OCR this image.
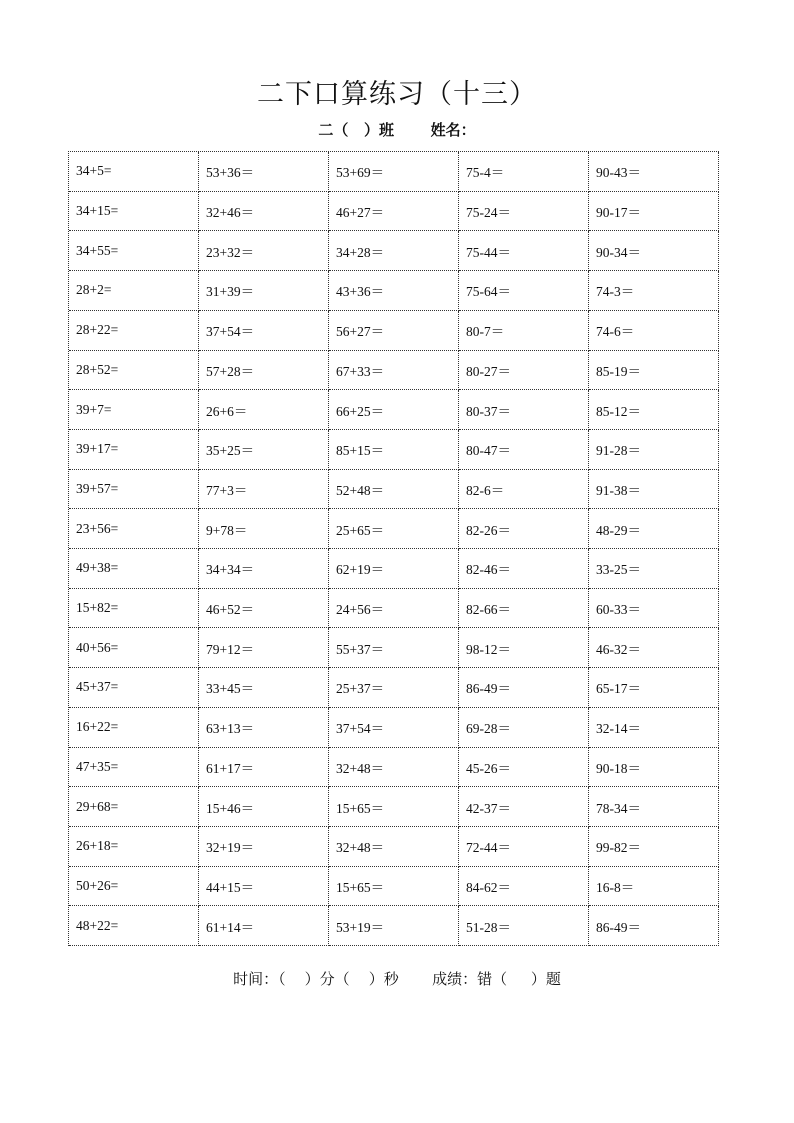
二下口算练习（十三）
二（   ）班       姓名：
34+5=	53+36＝	53+69＝	75-4＝	90-43＝
34+15=	32+46＝	46+27＝	75-24＝	90-17＝
34+55=	23+32＝	34+28＝	75-44＝	90-34＝
28+2=	31+39＝	43+36＝	75-64＝	74-3＝
28+22=	37+54＝	56+27＝	80-7＝	74-6＝
28+52=	57+28＝	67+33＝	80-27＝	85-19＝
39+7=	26+6＝	66+25＝	80-37＝	85-12＝
39+17=	35+25＝	85+15＝	80-47＝	91-28＝
39+57=	77+3＝	52+48＝	82-6＝	91-38＝
23+56=	9+78＝	25+65＝	82-26＝	48-29＝
49+38=	34+34＝	62+19＝	82-46＝	33-25＝
15+82=	46+52＝	24+56＝	82-66＝	60-33＝
40+56=	79+12＝	55+37＝	98-12＝	46-32＝
45+37=	33+45＝	25+37＝	86-49＝	65-17＝
16+22=	63+13＝	37+54＝	69-28＝	32-14＝
47+35=	61+17＝	32+48＝	45-26＝	90-18＝
29+68=	15+46＝	15+65＝	42-37＝	78-34＝
26+18=	32+19＝	32+48＝	72-44＝	99-82＝
50+26=	44+15＝	15+65＝	84-62＝	16-8＝
48+22=	61+14＝	53+19＝	51-28＝	86-49＝
时间：（    ）分（    ）秒       成绩：错（     ）题
